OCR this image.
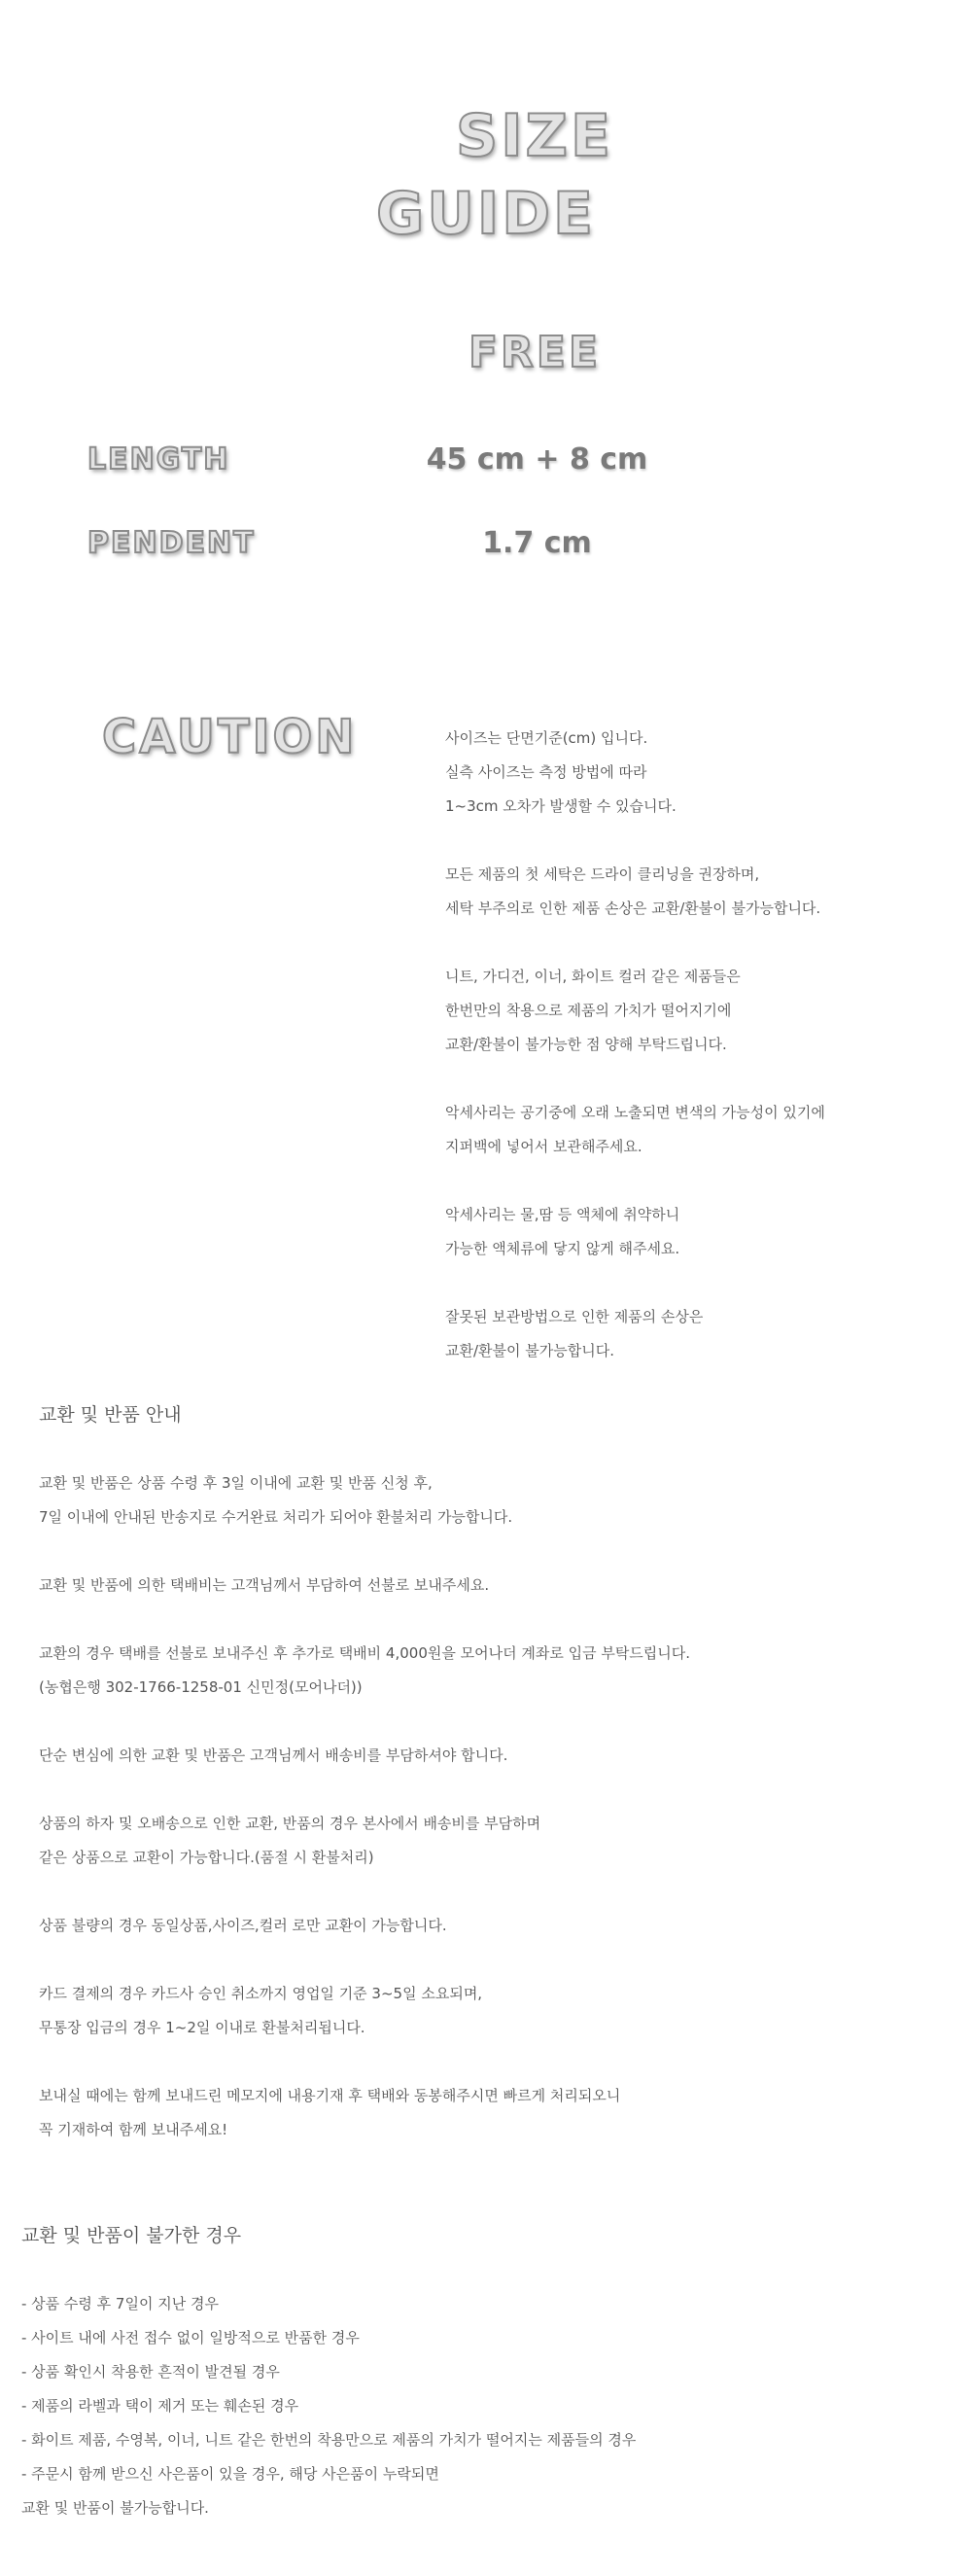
SIZE
GUIDE
FREE
LENGTH	45 cm + 8 cm
PENDENT	1.7 cm
CAUTION	사이즈는 단면기준(cm) 입니다.
실측 사이즈는 측정 방법에 따라
1~3cm 오차가 발생할 수 있습니다.
모든 제품의 첫 세탁은 드라이 클리닝을 권장하며,
세탁 부주의로 인한 제품 손상은 교환/환불이 불가능합니다.
니트, 가디건, 이너, 화이트 컬러 같은 제품들은
한번만의 착용으로 제품의 가치가 떨어지기에
교환/환불이 불가능한 점 양해 부탁드립니다.
악세사리는 공기중에 오래 노출되면 변색의 가능성이 있기에
지퍼백에 넣어서 보관해주세요.
악세사리는 물,땀 등 액체에 취약하니
가능한 액체류에 닿지 않게 해주세요.
잘못된 보관방법으로 인한 제품의 손상은
교환/환불이 불가능합니다.
교환 및 반품 안내
교환 및 반품은 상품 수령 후 3일 이내에 교환 및 반품 신청 후,
7일 이내에 안내된 반송지로 수거완료 처리가 되어야 환불처리 가능합니다.
교환 및 반품에 의한 택배비는 고객님께서 부담하여 선불로 보내주세요.
교환의 경우 택배를 선불로 보내주신 후 추가로 택배비 4,000원을 모어나더 계좌로 입금 부탁드립니다.
(농협은행 302-1766-1258-01 신민정(모어나더))
단순 변심에 의한 교환 및 반품은 고객님께서 배송비를 부담하셔야 합니다.
상품의 하자 및 오배송으로 인한 교환, 반품의 경우 본사에서 배송비를 부담하며
같은 상품으로 교환이 가능합니다.(품절 시 환불처리)
상품 불량의 경우 동일상품,사이즈,컬러 로만 교환이 가능합니다.
카드 결제의 경우 카드사 승인 취소까지 영업일 기준 3~5일 소요되며,
무통장 입금의 경우 1~2일 이내로 환불처리됩니다.
보내실 때에는 함께 보내드린 메모지에 내용기재 후 택배와 동봉해주시면 빠르게 처리되오니
꼭 기재하여 함께 보내주세요!
교환 및 반품이 불가한 경우
- 상품 수령 후 7일이 지난 경우
- 사이트 내에 사전 접수 없이 일방적으로 반품한 경우
- 상품 확인시 착용한 흔적이 발견될 경우
- 제품의 라벨과 택이 제거 또는 훼손된 경우
- 화이트 제품, 수영복, 이너, 니트 같은 한번의 착용만으로 제품의 가치가 떨어지는 제품들의 경우
- 주문시 함께 받으신 사은품이 있을 경우, 해당 사은품이 누락되면
교환 및 반품이 불가능합니다.
